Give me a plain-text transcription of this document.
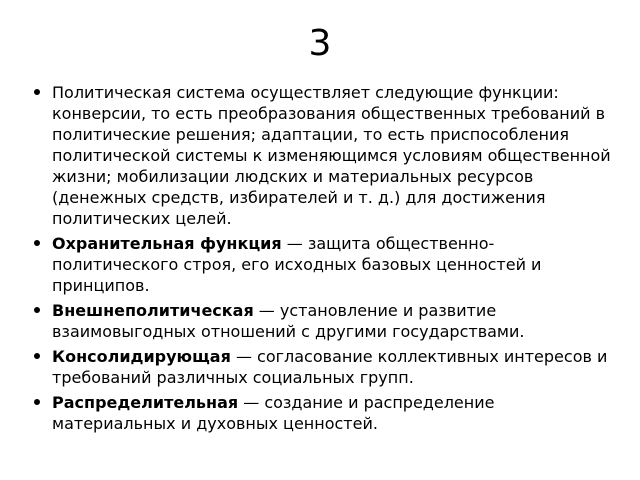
3
Политическая система осуществляет следующие функции: конверсии, то есть преобразования общественных требований в политические решения; адаптации, то есть приспособления политической системы к изменяющимся условиям общественной жизни; мобилизации людских и материальных ресурсов (денежных средств, избирателей и т. д.) для достижения политических целей.
Охранительная функция — защита общественно-политического строя, его исходных базовых ценностей и принципов.
Внешнеполитическая — установление и развитие взаимовыгодных отношений с другими государствами.
Консолидирующая — согласование коллективных интересов и требований различных социальных групп.
Распределительная — создание и распределение материальных и духовных ценностей.
